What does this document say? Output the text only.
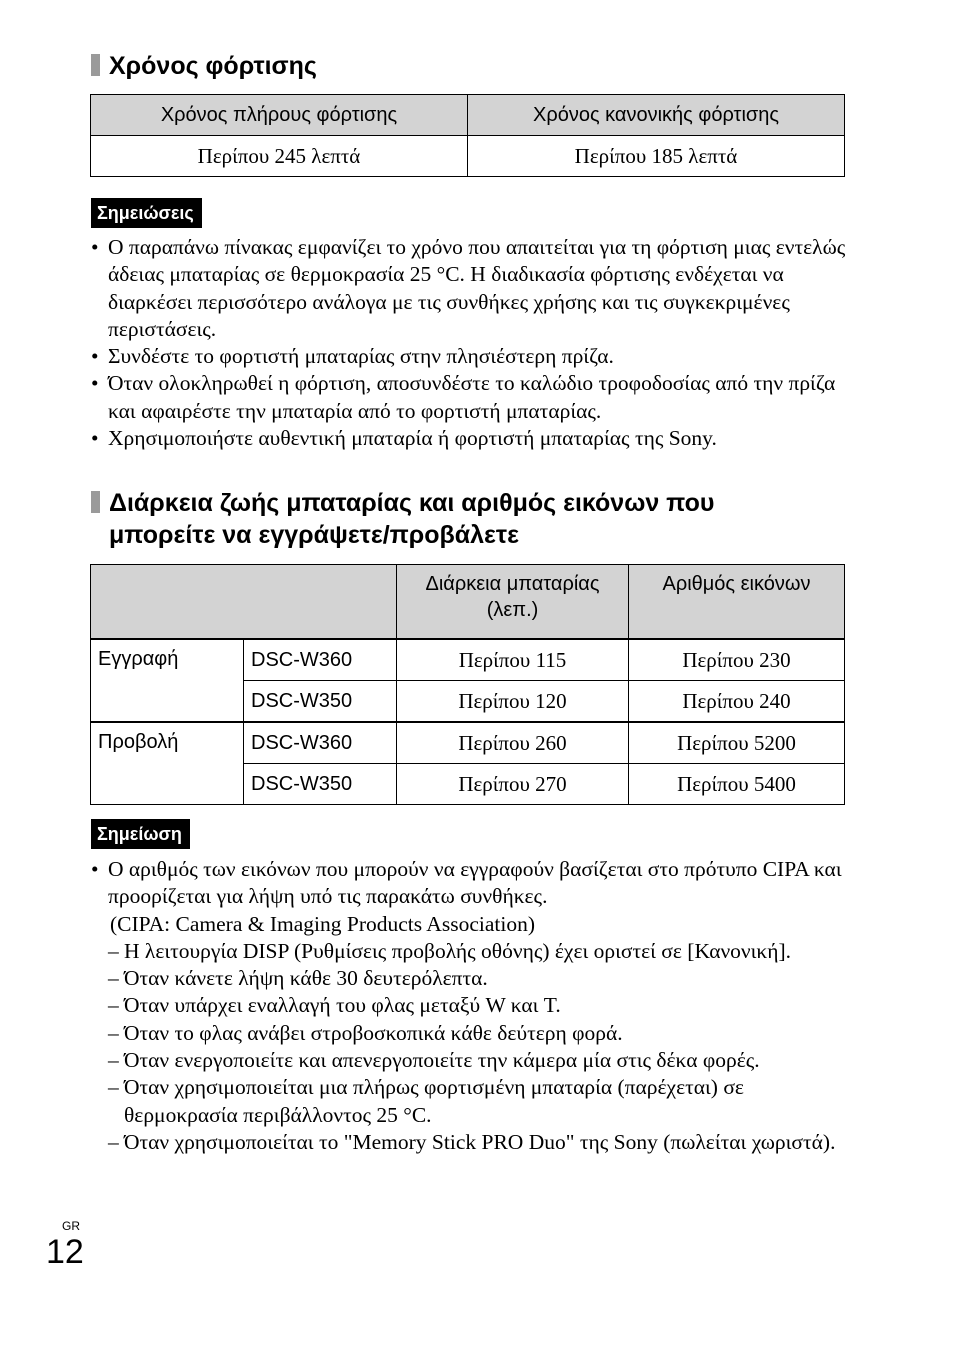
Χρόνος φόρτισης
Χρόνος πλήρους φόρτισης	Χρόνος κανονικής φόρτισης
Περίπου 245 λεπτά	Περίπου 185 λεπτά
Σημειώσεις
• Ο παραπάνω πίνακας εμφανίζει το χρόνο που απαιτείται για τη φόρτιση μιας εντελώς άδειας μπαταρίας σε θερμοκρασία 25 °C. Η διαδικασία φόρτισης ενδέχεται να διαρκέσει περισσότερο ανάλογα με τις συνθήκες χρήσης και τις συγκεκριμένες περιστάσεις.
• Συνδέστε το φορτιστή μπαταρίας στην πλησιέστερη πρίζα.
• Όταν ολοκληρωθεί η φόρτιση, αποσυνδέστε το καλώδιο τροφοδοσίας από την πρίζα και αφαιρέστε την μπαταρία από το φορτιστή μπαταρίας.
• Χρησιμοποιήστε αυθεντική μπαταρία ή φορτιστή μπαταρίας της Sony.
Διάρκεια ζωής μπαταρίας και αριθμός εικόνων που
μπορείτε να εγγράψετε/προβάλετε
		Διάρκεια μπαταρίας (λεπ.)	Αριθμός εικόνων
Εγγραφή	DSC-W360	Περίπου 115	Περίπου 230
	DSC-W350	Περίπου 120	Περίπου 240
Προβολή	DSC-W360	Περίπου 260	Περίπου 5200
	DSC-W350	Περίπου 270	Περίπου 5400
Σημείωση
• Ο αριθμός των εικόνων που μπορούν να εγγραφούν βασίζεται στο πρότυπο CIPA και προορίζεται για λήψη υπό τις παρακάτω συνθήκες.
(CIPA: Camera & Imaging Products Association)
– Η λειτουργία DISP (Ρυθμίσεις προβολής οθόνης) έχει οριστεί σε [Κανονική].
– Όταν κάνετε λήψη κάθε 30 δευτερόλεπτα.
– Όταν υπάρχει εναλλαγή του φλας μεταξύ W και T.
– Όταν το φλας ανάβει στροβοσκοπικά κάθε δεύτερη φορά.
– Όταν ενεργοποιείτε και απενεργοποιείτε την κάμερα μία στις δέκα φορές.
– Όταν χρησιμοποιείται μια πλήρως φορτισμένη μπαταρία (παρέχεται) σε θερμοκρασία περιβάλλοντος 25 °C.
– Όταν χρησιμοποιείται το "Memory Stick PRO Duo" της Sony (πωλείται χωριστά).
GR
12
